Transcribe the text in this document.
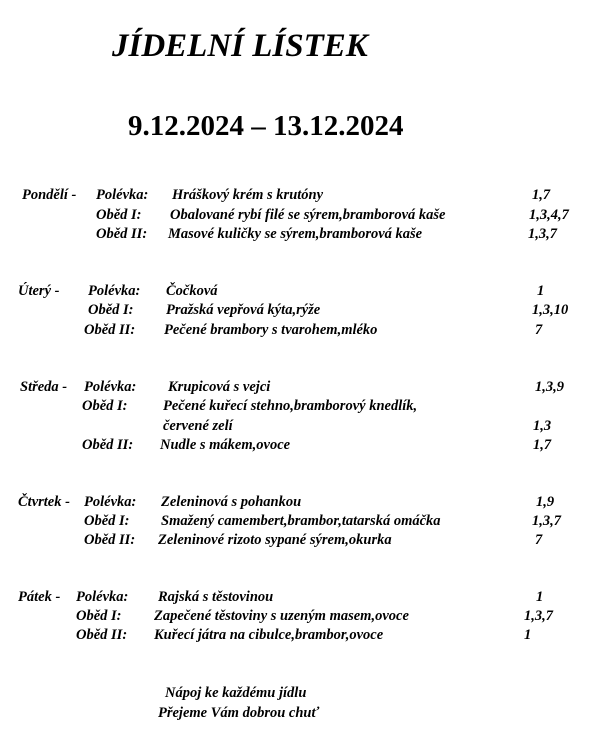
JÍDELNÍ LÍSTEK
9.12.2024 – 13.12.2024
Pondělí - Polévka: Hráškový krém s krutóny	1,7
Oběd I: Obalované rybí filé se sýrem,bramborová kaše	1,3,4,7
Oběd II: Masové kuličky se sýrem,bramborová kaše	1,3,7
Úterý - Polévka: Čočková	1
Oběd I: Pražská vepřová kýta,rýže	1,3,10
Oběd II: Pečené brambory s tvarohem,mléko	7
Středa - Polévka: Krupicová s vejci	1,3,9
Oběd I: Pečené kuřecí stehno,bramborový knedlík,
červené zelí	1,3
Oběd II: Nudle s mákem,ovoce	1,7
Čtvrtek - Polévka: Zeleninová s pohankou	1,9
Oběd I: Smažený camembert,brambor,tatarská omáčka	1,3,7
Oběd II: Zeleninové rizoto sypané sýrem,okurka	7
Pátek - Polévka: Rajská s těstovinou	1
Oběd I: Zapečené těstoviny s uzeným masem,ovoce	1,3,7
Oběd II: Kuřecí játra na cibulce,brambor,ovoce	1
Nápoj ke každému jídlu
Přejeme Vám dobrou chuť
